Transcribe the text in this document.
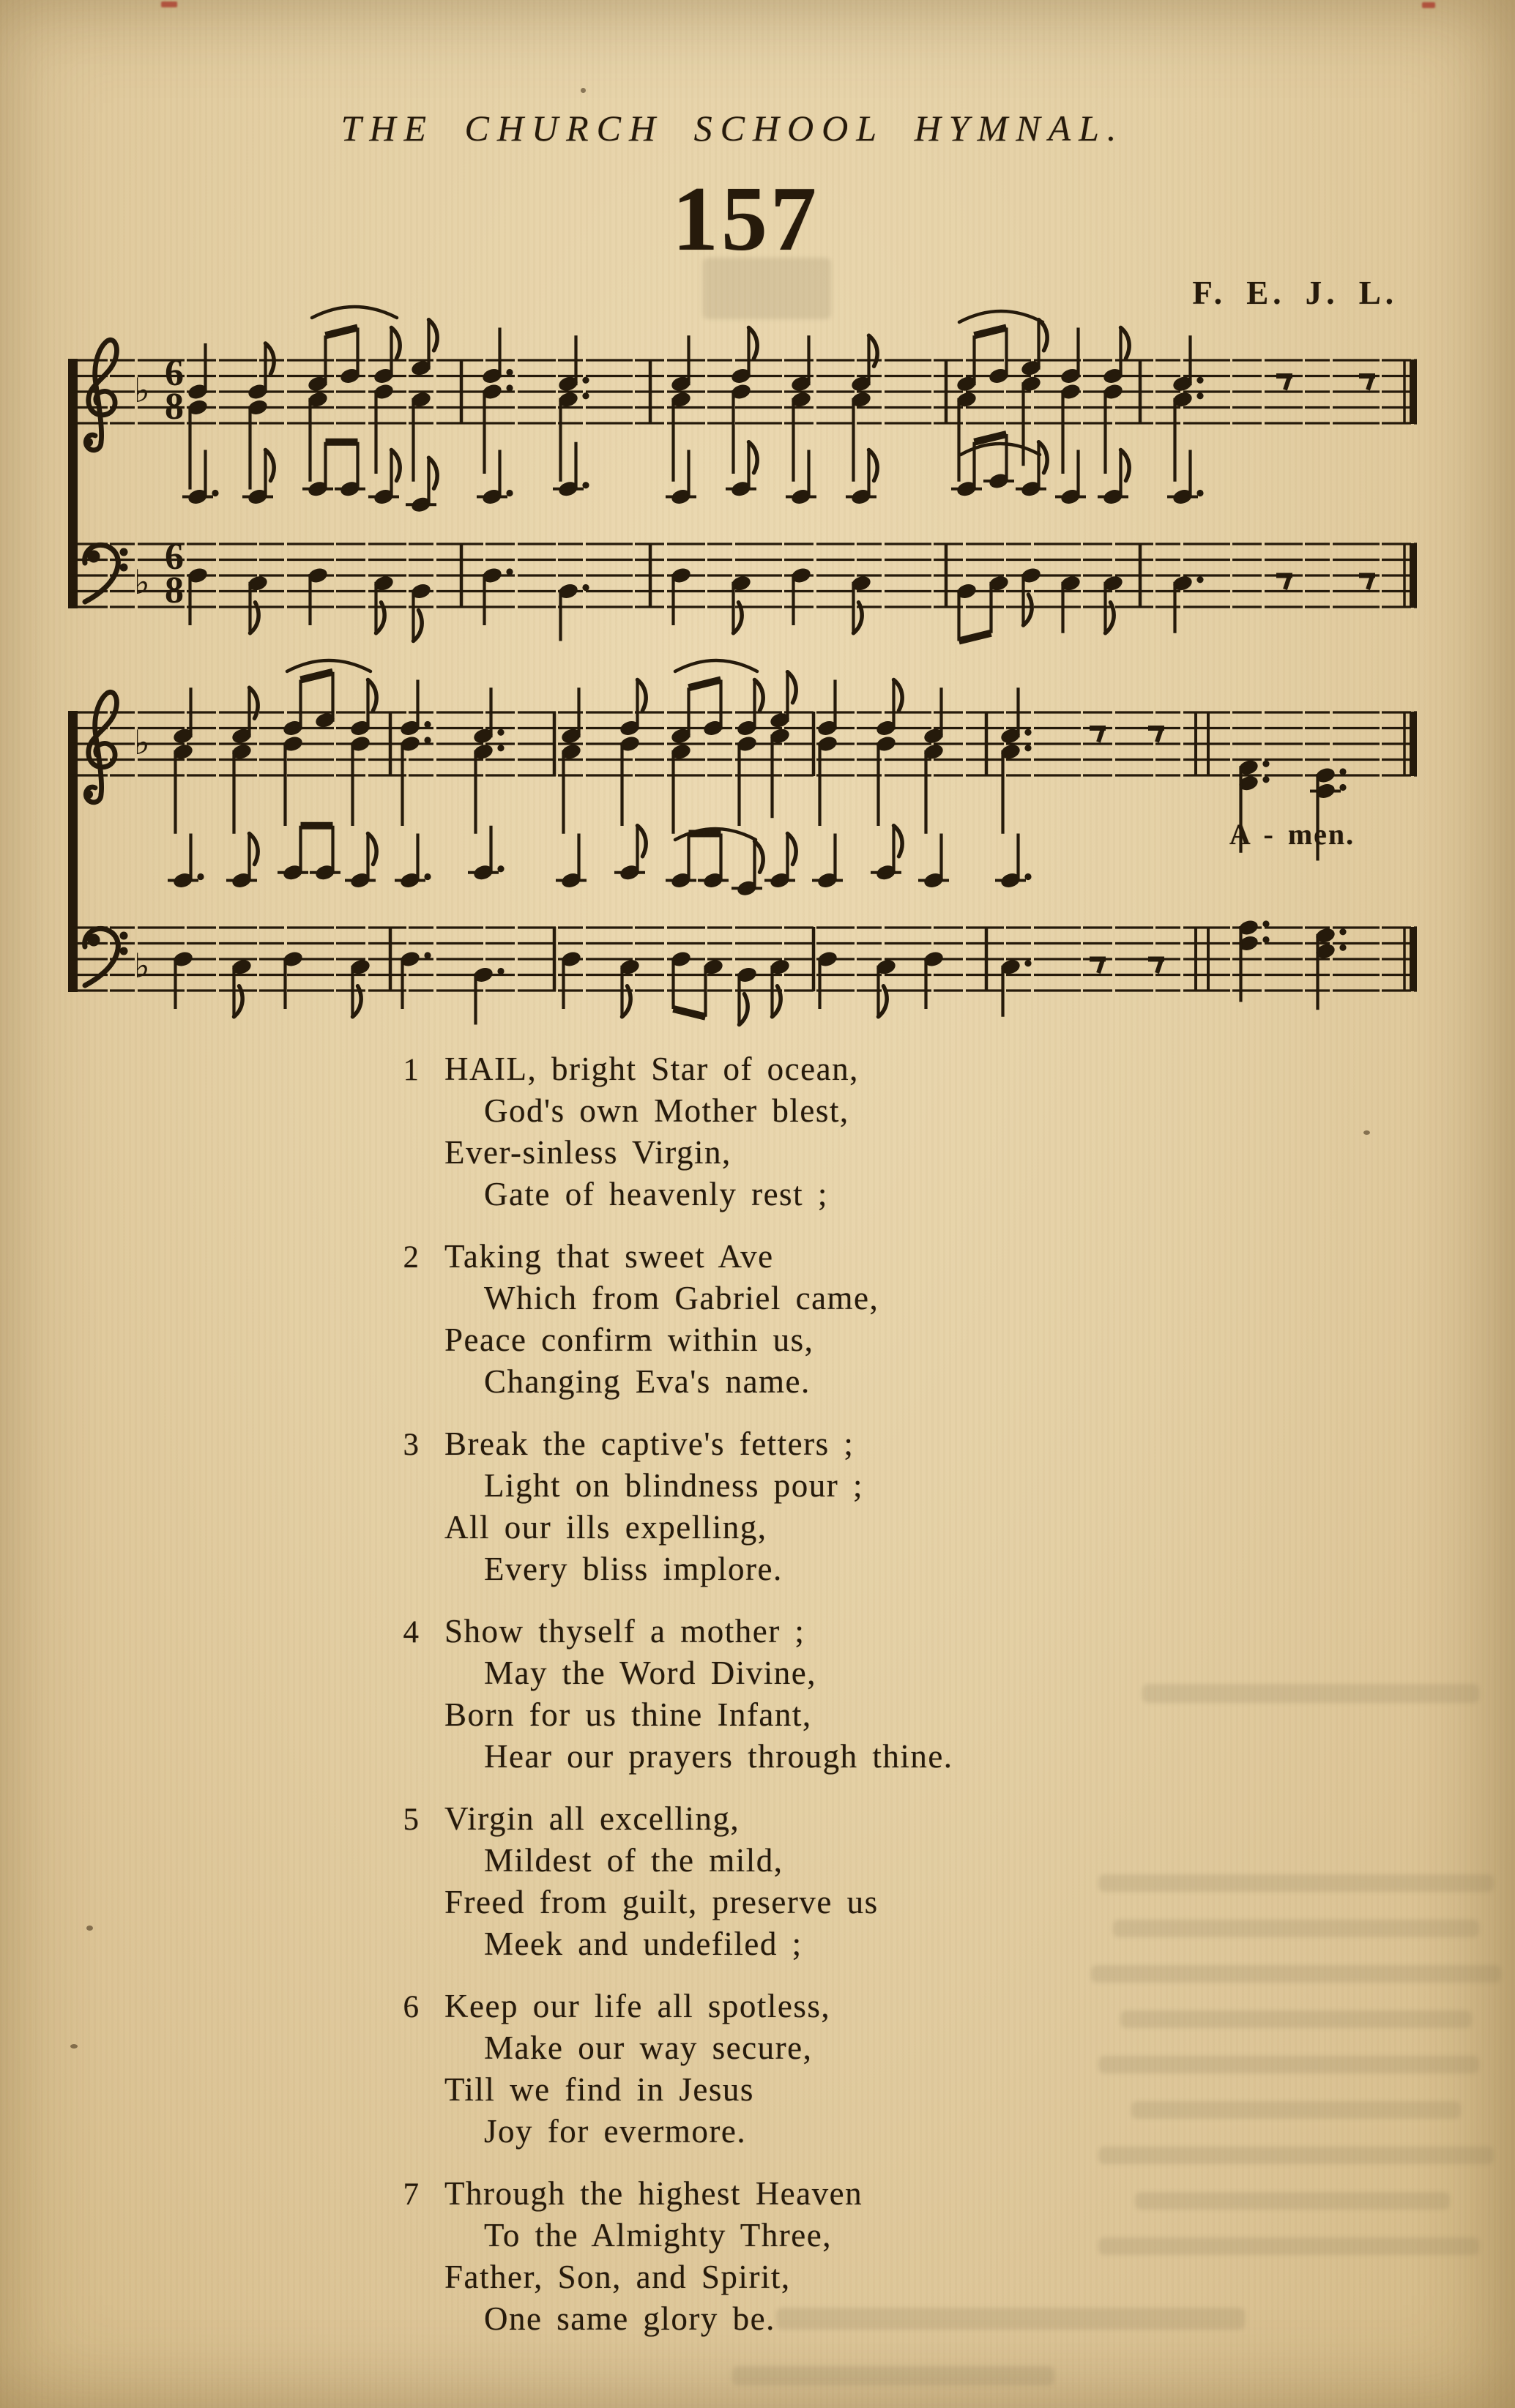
♭ 6
8
♭
6
8
♭
♭
THE CHURCH SCHOOL HYMNAL.
157
F. E. J. L.
A - men.
1 HAIL, bright Star of ocean,
God's own Mother blest,
Ever-sinless Virgin,
Gate of heavenly rest ;
2 Taking that sweet Ave
Which from Gabriel came,
Peace confirm within us,
Changing Eva's name.
3 Break the captive's fetters ;
Light on blindness pour ;
All our ills expelling,
Every bliss implore.
4 Show thyself a mother ;
May the Word Divine,
Born for us thine Infant,
Hear our prayers through thine.
5 Virgin all excelling,
Mildest of the mild,
Freed from guilt, preserve us
Meek and undefiled ;
6 Keep our life all spotless,
Make our way secure,
Till we find in Jesus
Joy for evermore.
7 Through the highest Heaven
To the Almighty Three,
Father, Son, and Spirit,
One same glory be.
